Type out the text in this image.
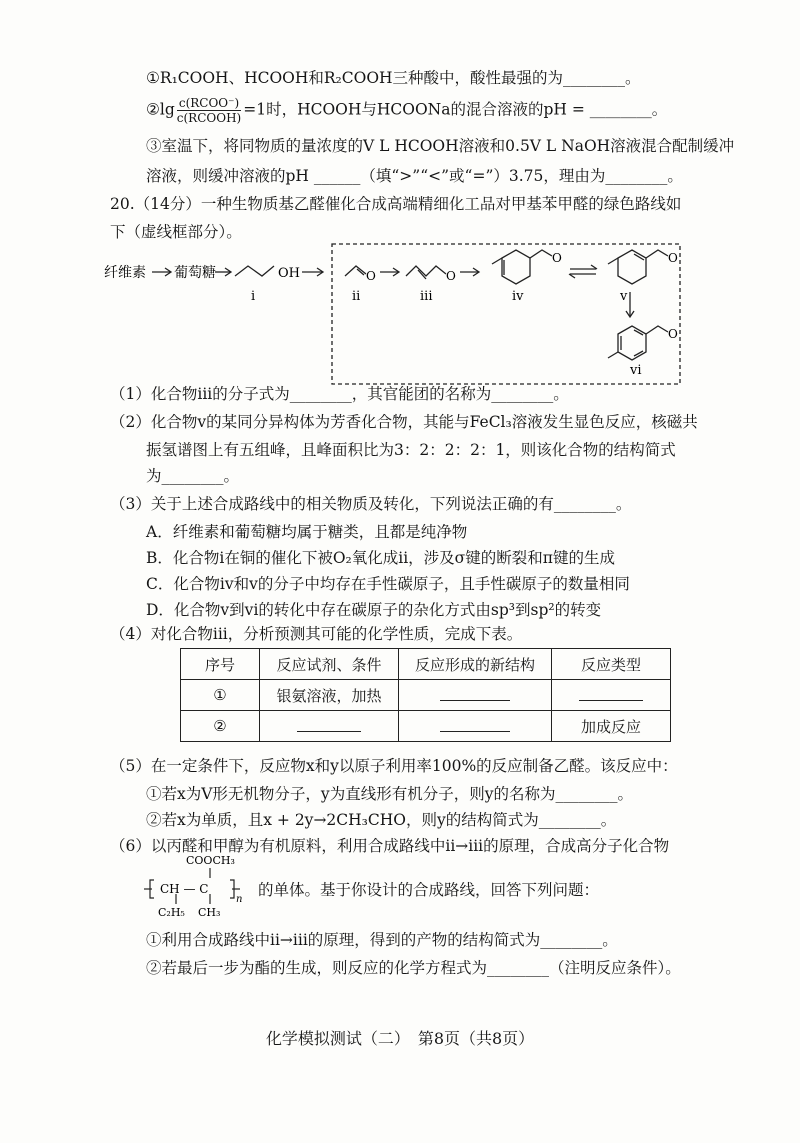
①R₁COOH、HCOOH和R₂COOH三种酸中，酸性最强的为________。
②lg $\frac{\text{c(RCOO⁻)}}{\text{c(RCOOH)}} =1$时，HCOOH与HCOONa的混合溶液的pH = ________。
③室温下，将同物质的量浓度的V L HCOOH溶液和0.5V L NaOH溶液混合配制缓冲
溶液，则缓冲溶液的pH ______（填“>”“<”或“=”）3.75，理由为________。
20.（14分）一种生物质基乙醛催化合成高端精细化工品对甲基苯甲醛的绿色路线如
下（虚线框部分）。
纤维素 葡萄糖	OH
i
O
ii
O
iii
O
iv
O
v
O
vi
（1）化合物iii的分子式为________，其官能团的名称为________。
（2）化合物v的某同分异构体为芳香化合物，其能与FeCl₃溶液发生显色反应，核磁共
振氢谱图上有五组峰，且峰面积比为3：2：2：2：1，则该化合物的结构简式
为________。
（3）关于上述合成路线中的相关物质及转化，下列说法正确的有________。
A．纤维素和葡萄糖均属于糖类，且都是纯净物
B．化合物i在铜的催化下被O₂氧化成ii，涉及σ键的断裂和π键的生成
C．化合物iv和v的分子中均存在手性碳原子，且手性碳原子的数量相同
D．化合物v到vi的转化中存在碳原子的杂化方式由sp³到sp²的转变
（4）对化合物iii，分析预测其可能的化学性质，完成下表。
序号	反应试剂、条件	反应形成的新结构	反应类型
①	银氨溶液，加热		
②			加成反应
（5）在一定条件下，反应物x和y以原子利用率100%的反应制备乙醛。该反应中：
①若x为V形无机物分子，y为直线形有机分子，则y的名称为________。
②若x为单质，且x + 2y→2CH₃CHO，则y的结构简式为________。
（6）以丙醛和甲醇为有机原料，利用合成路线中ii→iii的原理，合成高分子化合物
COOCH₃
CH — C
n
C₂H₅ CH₃
的单体。基于你设计的合成路线，回答下列问题：
①利用合成路线中ii→iii的原理，得到的产物的结构简式为________。
②若最后一步为酯的生成，则反应的化学方程式为________（注明反应条件）。
化学模拟测试（二）　第8页（共8页）
